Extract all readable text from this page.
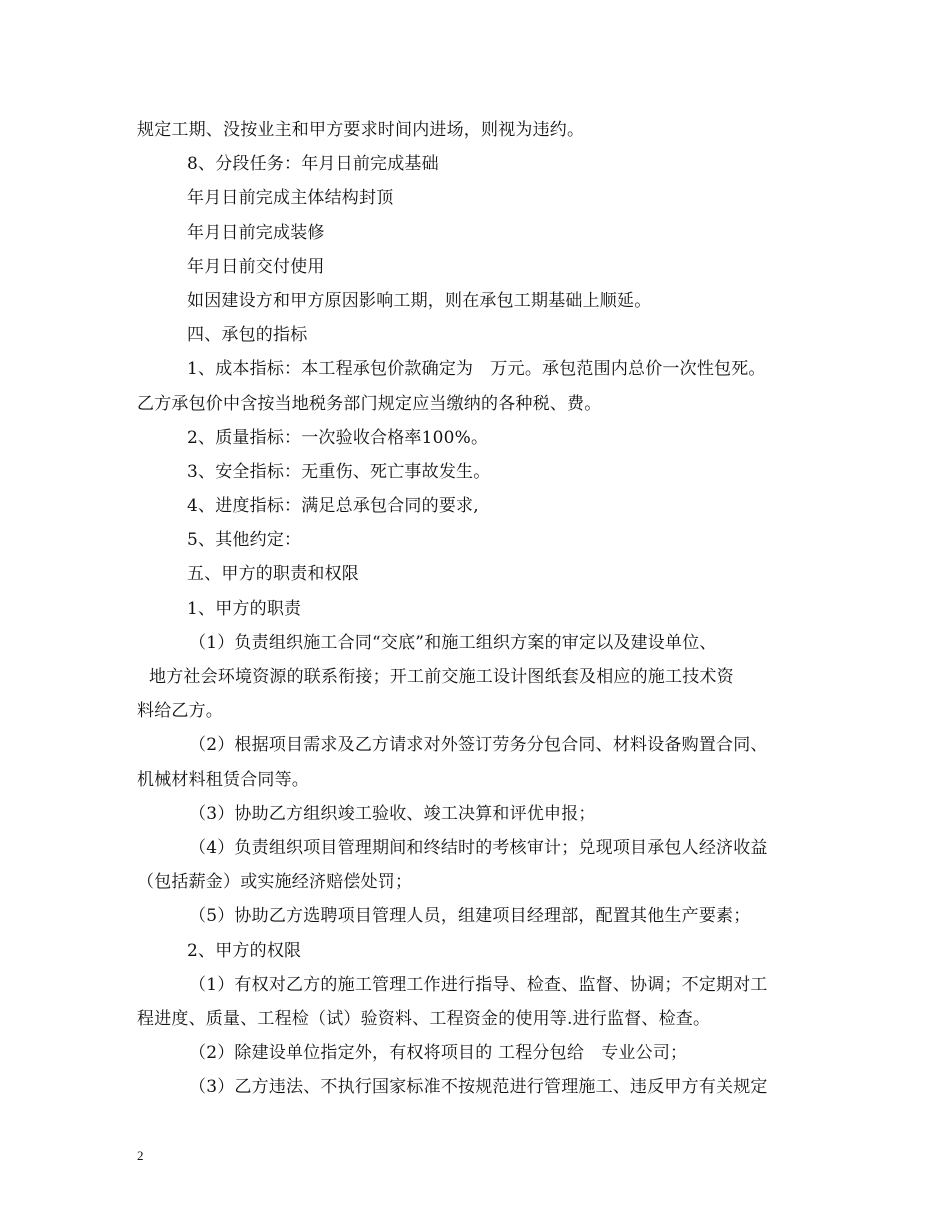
规定工期、没按业主和甲方要求时间内进场，则视为违约。
8、分段任务：年月日前完成基础
年月日前完成主体结构封顶
年月日前完成装修
年月日前交付使用
如因建设方和甲方原因影响工期，则在承包工期基础上顺延。
四、承包的指标
1、成本指标：本工程承包价款确定为　万元。承包范围内总价一次性包死。
乙方承包价中含按当地税务部门规定应当缴纳的各种税、费。
2、质量指标：一次验收合格率100%。
3、安全指标：无重伤、死亡事故发生。
4、进度指标：满足总承包合同的要求,
5、其他约定：
五、甲方的职责和权限
1、甲方的职责
（1）负责组织施工合同“交底”和施工组织方案的审定以及建设单位、
地方社会环境资源的联系衔接；开工前交施工设计图纸套及相应的施工技术资
料给乙方。
（2）根据项目需求及乙方请求对外签订劳务分包合同、材料设备购置合同、
机械材料租赁合同等。
（3）协助乙方组织竣工验收、竣工决算和评优申报；
（4）负责组织项目管理期间和终结时的考核审计；兑现项目承包人经济收益
（包括薪金）或实施经济赔偿处罚；
（5）协助乙方选聘项目管理人员，组建项目经理部，配置其他生产要素；
2、甲方的权限
（1）有权对乙方的施工管理工作进行指导、检查、监督、协调；不定期对工
程进度、质量、工程检（试）验资料、工程资金的使用等.进行监督、检查。
（2）除建设单位指定外，有权将项目的 工程分包给　专业公司；
（3）乙方违法、不执行国家标准不按规范进行管理施工、违反甲方有关规定
2
